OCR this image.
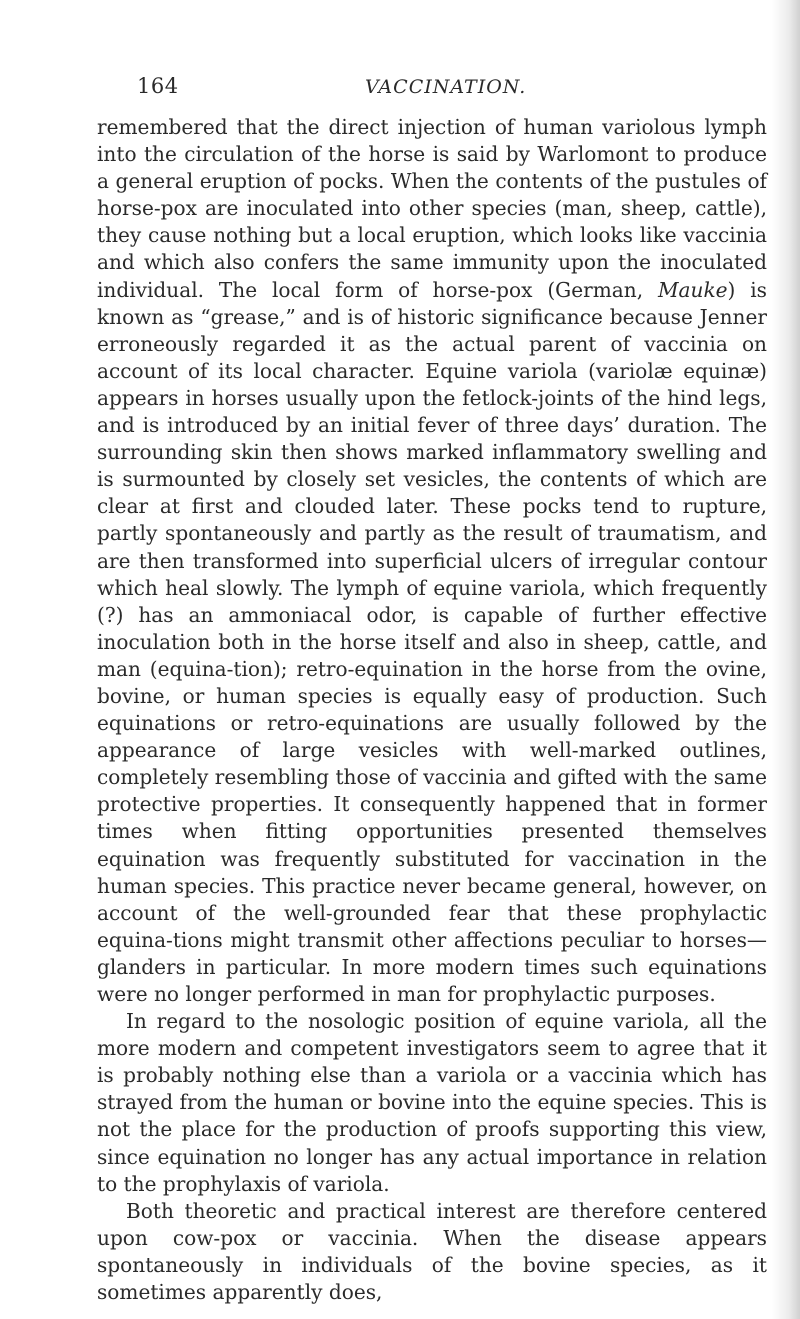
164	VACCINATION.

remembered that the direct injection of human variolous lymph into the circulation of the horse is said by Warlomont to produce a general eruption of pocks. When the contents of the pustules of horse-pox are inoculated into other species (man, sheep, cattle), they cause nothing but a local eruption, which looks like vaccinia and which also confers the same immunity upon the inoculated individual. The local form of horse-pox (German, Mauke) is known as “grease,” and is of historic significance because Jenner erroneously regarded it as the actual parent of vaccinia on account of its local character. Equine variola (variolæ equinæ) appears in horses usually upon the fetlock-joints of the hind legs, and is introduced by an initial fever of three days’ duration. The surrounding skin then shows marked inflammatory swelling and is surmounted by closely set vesicles, the contents of which are clear at first and clouded later. These pocks tend to rupture, partly spontaneously and partly as the result of traumatism, and are then transformed into superficial ulcers of irregular contour which heal slowly. The lymph of equine variola, which frequently (?) has an ammoniacal odor, is capable of further effective inoculation both in the horse itself and also in sheep, cattle, and man (equina-tion); retro-equination in the horse from the ovine, bovine, or human species is equally easy of production. Such equinations or retro-equinations are usually followed by the appearance of large vesicles with well-marked outlines, completely resembling those of vaccinia and gifted with the same protective properties. It consequently happened that in former times when fitting opportunities presented themselves equination was frequently substituted for vaccination in the human species. This practice never became general, however, on account of the well-grounded fear that these prophylactic equina-tions might transmit other affections peculiar to horses—glanders in particular. In more modern times such equinations were no longer performed in man for prophylactic purposes.

In regard to the nosologic position of equine variola, all the more modern and competent investigators seem to agree that it is probably nothing else than a variola or a vaccinia which has strayed from the human or bovine into the equine species. This is not the place for the production of proofs supporting this view, since equination no longer has any actual importance in relation to the prophylaxis of variola.

Both theoretic and practical interest are therefore centered upon cow-pox or vaccinia. When the disease appears spontaneously in individuals of the bovine species, as it sometimes apparently does,
